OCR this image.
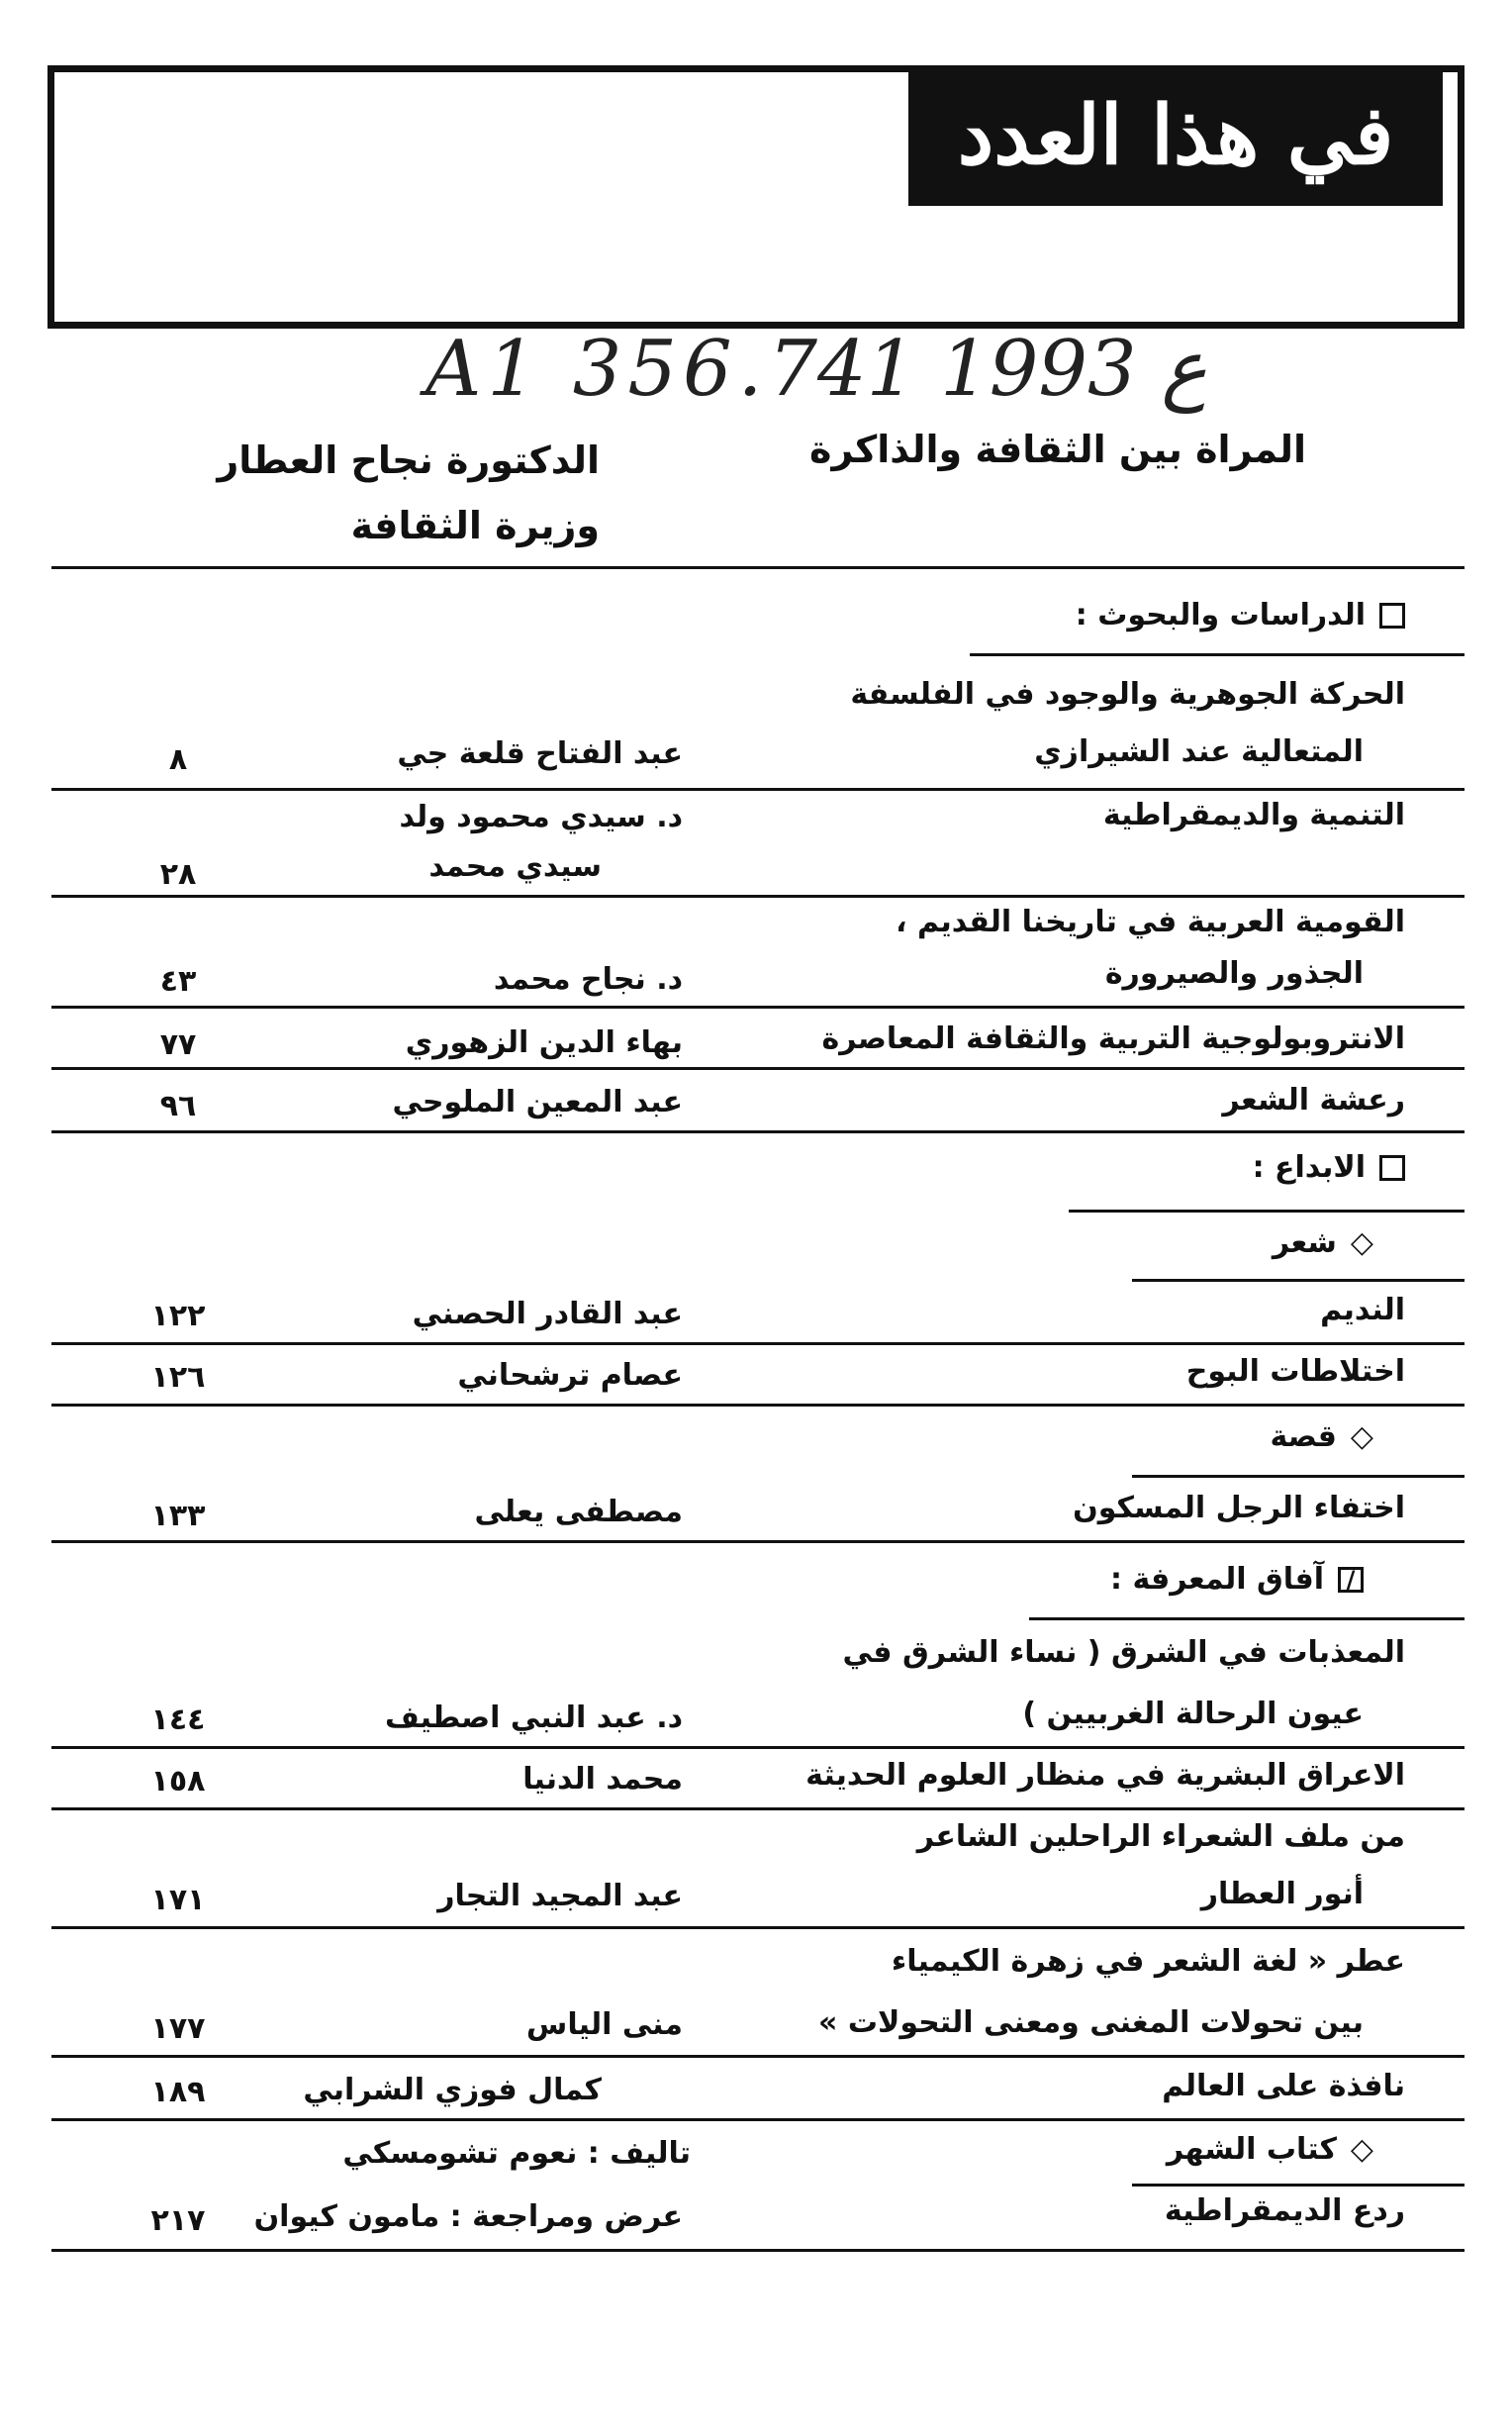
في هذا العدد
A1 356.ع 1993 741
المراة بين الثقافة والذاكرة
الدكتورة نجاح العطار
وزيرة الثقافة
الدراسات والبحوث :
الحركة الجوهرية والوجود في الفلسفة
المتعالية عند الشيرازي
عبد الفتاح قلعة جي
٨
التنمية والديمقراطية
د. سيدي محمود ولد
سيدي محمد
٢٨
القومية العربية في تاريخنا القديم ،
الجذور والصيرورة
د. نجاح محمد
٤٣
الانتروبولوجية التربية والثقافة المعاصرة
بهاء الدين الزهوري
٧٧
رعشة الشعر
عبد المعين الملوحي
٩٦
الابداع :
◇
شعر
النديم
عبد القادر الحصني
١٢٢
اختلاطات البوح
عصام ترشحاني
١٢٦
◇
قصة
اختفاء الرجل المسكون
مصطفى يعلى
١٣٣
/
آفاق المعرفة :
المعذبات في الشرق ( نساء الشرق في
عيون الرحالة الغربيين )
د. عبد النبي اصطيف
١٤٤
الاعراق البشرية في منظار العلوم الحديثة
محمد الدنيا
١٥٨
من ملف الشعراء الراحلين الشاعر
أنور العطار
عبد المجيد التجار
١٧١
عطر « لغة الشعر في زهرة الكيمياء
بين تحولات المغنى ومعنى التحولات »
منى الياس
١٧٧
نافذة على العالم
كمال فوزي الشرابي
١٨٩
◇
كتاب الشهر
تاليف : نعوم تشومسكي
ردع الديمقراطية
عرض ومراجعة : مامون كيوان
٢١٧
